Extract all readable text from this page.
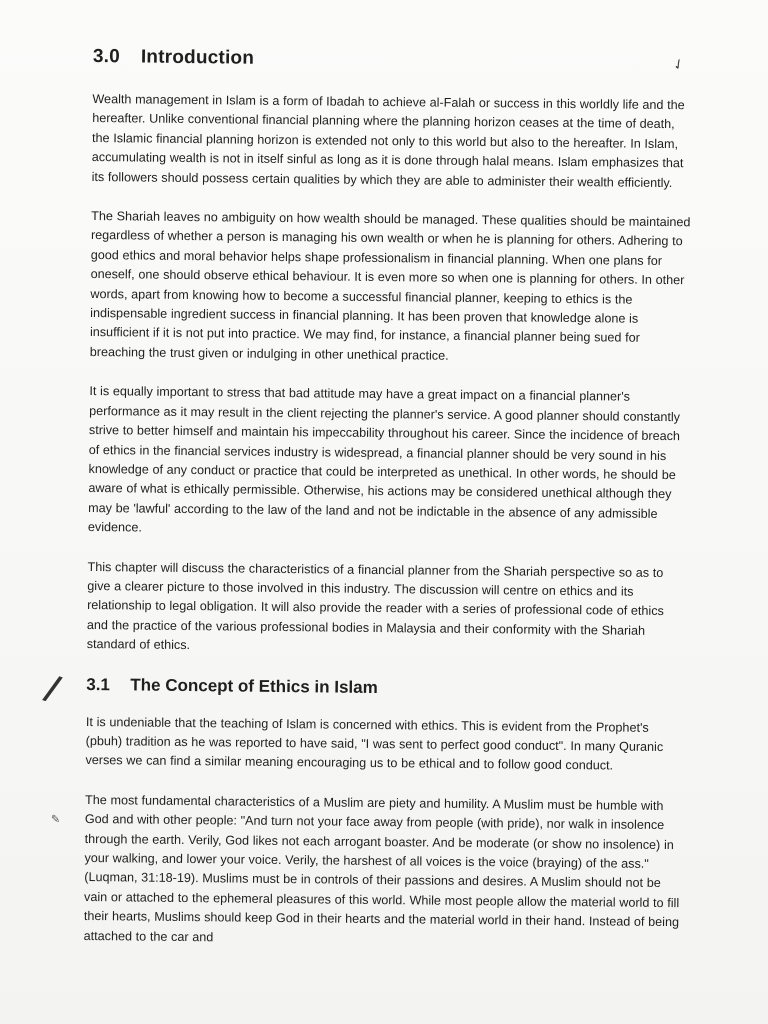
✓
3.0 Introduction

Wealth management in Islam is a form of Ibadah to achieve al-Falah or success in this worldly life and the hereafter. Unlike conventional financial planning where the planning horizon ceases at the time of death, the Islamic financial planning horizon is extended not only to this world but also to the hereafter. In Islam, accumulating wealth is not in itself sinful as long as it is done through halal means. Islam emphasizes that its followers should possess certain qualities by which they are able to administer their wealth efficiently.

The Shariah leaves no ambiguity on how wealth should be managed. These qualities should be maintained regardless of whether a person is managing his own wealth or when he is planning for others. Adhering to good ethics and moral behavior helps shape professionalism in financial planning. When one plans for oneself, one should observe ethical behaviour. It is even more so when one is planning for others. In other words, apart from knowing how to become a successful financial planner, keeping to ethics is the indispensable ingredient success in financial planning. It has been proven that knowledge alone is insufficient if it is not put into practice. We may find, for instance, a financial planner being sued for breaching the trust given or indulging in other unethical practice.

It is equally important to stress that bad attitude may have a great impact on a financial planner's performance as it may result in the client rejecting the planner's service. A good planner should constantly strive to better himself and maintain his impeccability throughout his career. Since the incidence of breach of ethics in the financial services industry is widespread, a financial planner should be very sound in his knowledge of any conduct or practice that could be interpreted as unethical. In other words, he should be aware of what is ethically permissible. Otherwise, his actions may be considered unethical although they may be 'lawful' according to the law of the land and not be indictable in the absence of any admissible evidence.

This chapter will discuss the characteristics of a financial planner from the Shariah perspective so as to give a clearer picture to those involved in this industry. The discussion will centre on ethics and its relationship to legal obligation. It will also provide the reader with a series of professional code of ethics and the practice of the various professional bodies in Malaysia and their conformity with the Shariah standard of ethics.

/ 3.1 The Concept of Ethics in Islam

It is undeniable that the teaching of Islam is concerned with ethics. This is evident from the Prophet's (pbuh) tradition as he was reported to have said, "I was sent to perfect good conduct". In many Quranic verses we can find a similar meaning encouraging us to be ethical and to follow good conduct.

✎

The most fundamental characteristics of a Muslim are piety and humility. A Muslim must be humble with God and with other people: "And turn not your face away from people (with pride), nor walk in insolence through the earth. Verily, God likes not each arrogant boaster. And be moderate (or show no insolence) in your walking, and lower your voice. Verily, the harshest of all voices is the voice (braying) of the ass." (Luqman, 31:18-19). Muslims must be in controls of their passions and desires. A Muslim should not be vain or attached to the ephemeral pleasures of this world. While most people allow the material world to fill their hearts, Muslims should keep God in their hearts and the material world in their hand. Instead of being attached to the car and
